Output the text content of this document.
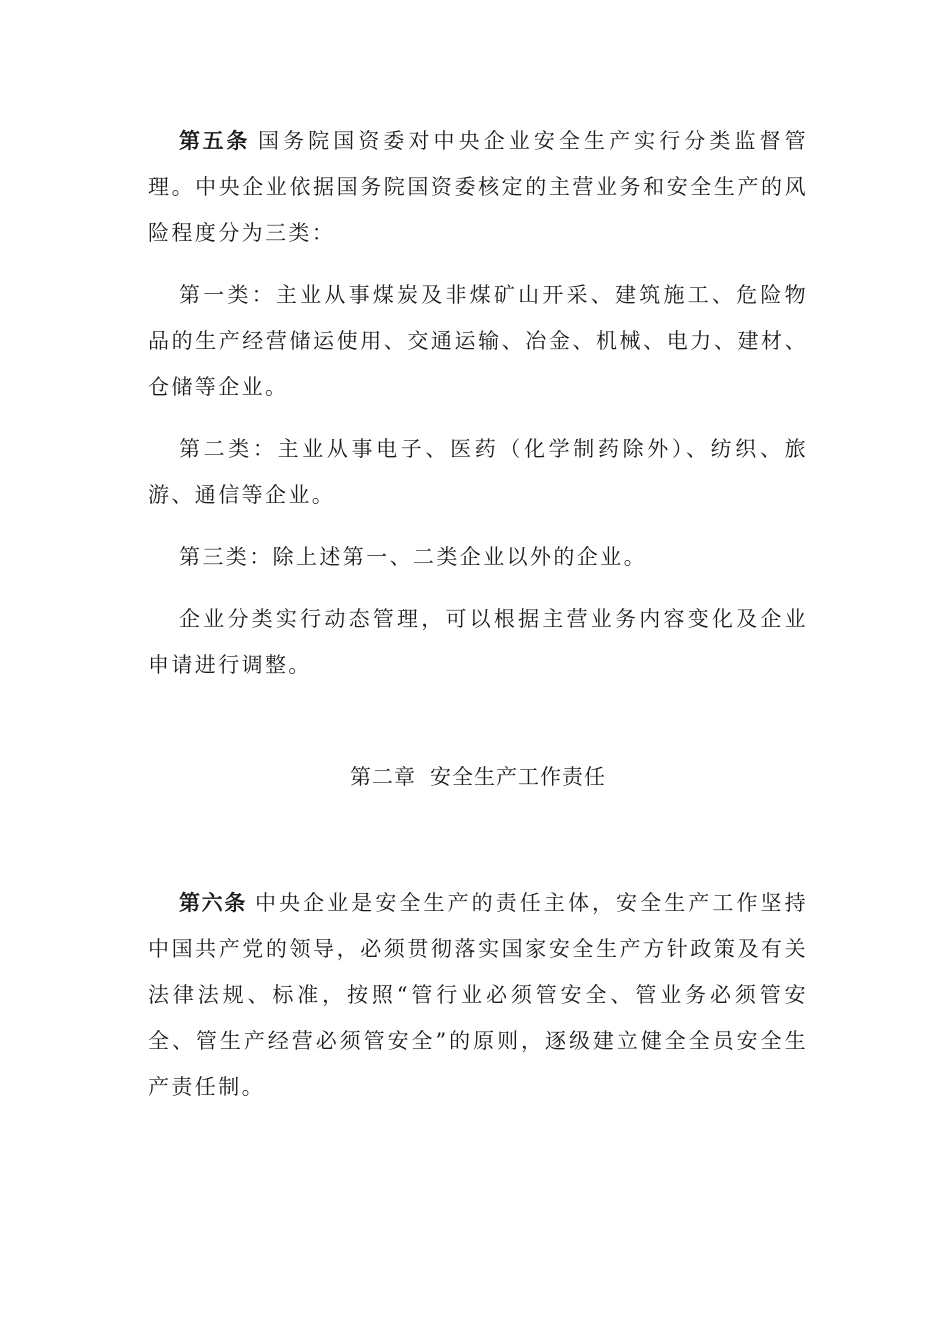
第五条 国务院国资委对中央企业安全生产实行分类监督管理。中央企业依据国务院国资委核定的主营业务和安全生产的风险程度分为三类：

第一类：主业从事煤炭及非煤矿山开采、建筑施工、危险物品的生产经营储运使用、交通运输、冶金、机械、电力、建材、仓储等企业。

第二类：主业从事电子、医药（化学制药除外）、纺织、旅游、通信等企业。

第三类：除上述第一、二类企业以外的企业。

企业分类实行动态管理，可以根据主营业务内容变化及企业申请进行调整。

第二章 安全生产工作责任

第六条 中央企业是安全生产的责任主体，安全生产工作坚持中国共产党的领导，必须贯彻落实国家安全生产方针政策及有关法律法规、标准，按照“管行业必须管安全、管业务必须管安全、管生产经营必须管安全”的原则，逐级建立健全全员安全生产责任制。
